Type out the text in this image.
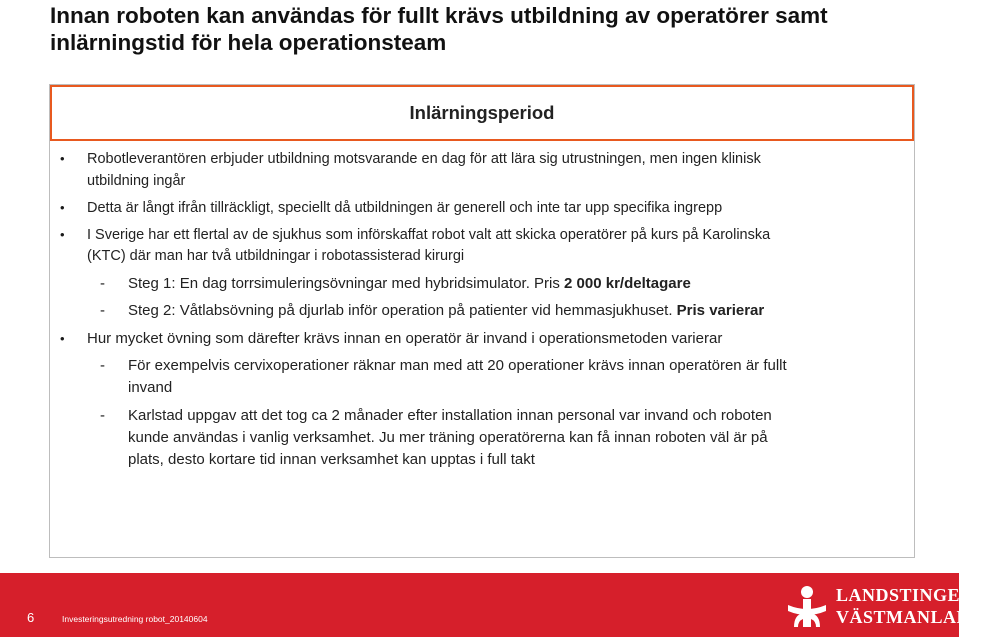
Innan roboten kan användas för fullt krävs utbildning av operatörer samt
inlärningstid för hela operationsteam
Inlärningsperiod
•	Robotleverantören erbjuder utbildning motsvarande en dag för att lära sig utrustningen, men ingen klinisk
utbildning ingår
•	Detta är långt ifrån tillräckligt, speciellt då utbildningen är generell och inte tar upp specifika ingrepp
•	I Sverige har ett flertal av de sjukhus som införskaffat robot valt att skicka operatörer på kurs på Karolinska
(KTC) där man har två utbildningar i robotassisterad kirurgi
- Steg 1: En dag torrsimuleringsövningar med hybridsimulator. Pris 2 000 kr/deltagare
- Steg 2: Våtlabsövning på djurlab inför operation på patienter vid hemmasjukhuset. Pris varierar
•	Hur mycket övning som därefter krävs innan en operatör är invand i operationsmetoden varierar
- För exempelvis cervixoperationer räknar man med att 20 operationer krävs innan operatören är fullt
invand
- Karlstad uppgav att det tog ca 2 månader efter installation innan personal var invand och roboten
kunde användas i vanlig verksamhet. Ju mer träning operatörerna kan få innan roboten väl är på
plats, desto kortare tid innan verksamhet kan upptas i full takt
6	Investeringsutredning robot_20140604
LANDSTINGET
VÄSTMANLAND
